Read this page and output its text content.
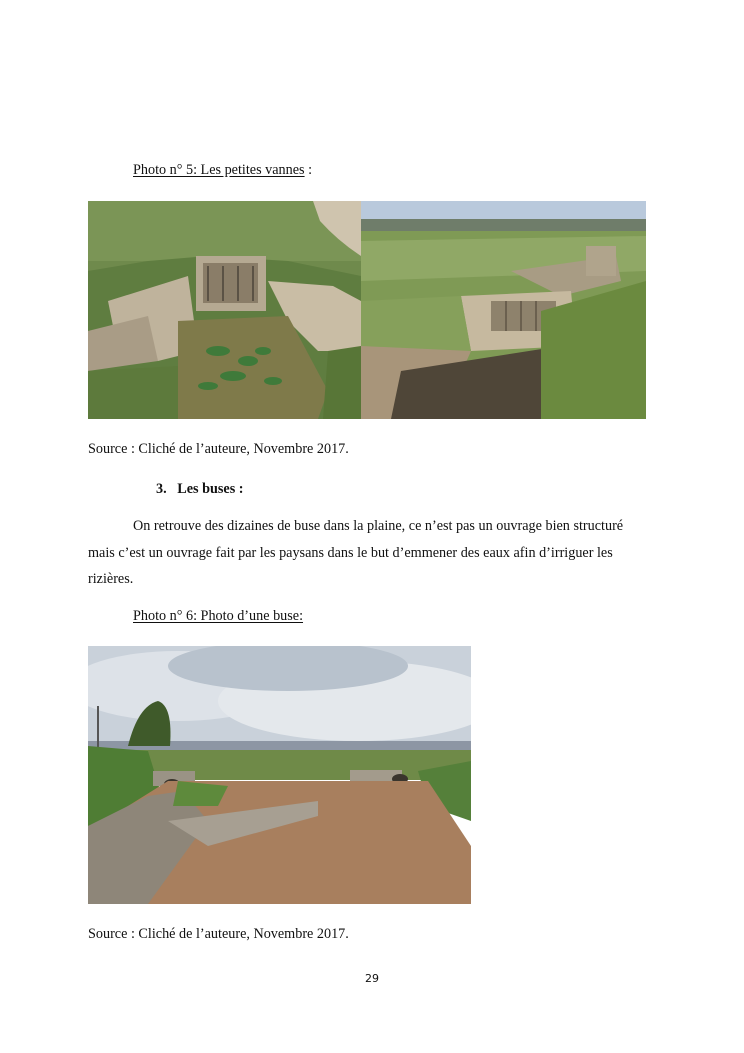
Photo n° 5: Les petites vannes :
Source : Cliché de l’auteure, Novembre 2017.
3. Les buses :
On retrouve des dizaines de buse dans la plaine, ce n’est pas un ouvrage bien structuré
mais c’est un ouvrage fait par les paysans dans le but d’emmener des eaux afin d’irriguer les
rizières.
Photo n° 6: Photo d’une buse:
Source : Cliché de l’auteure, Novembre 2017.
29
